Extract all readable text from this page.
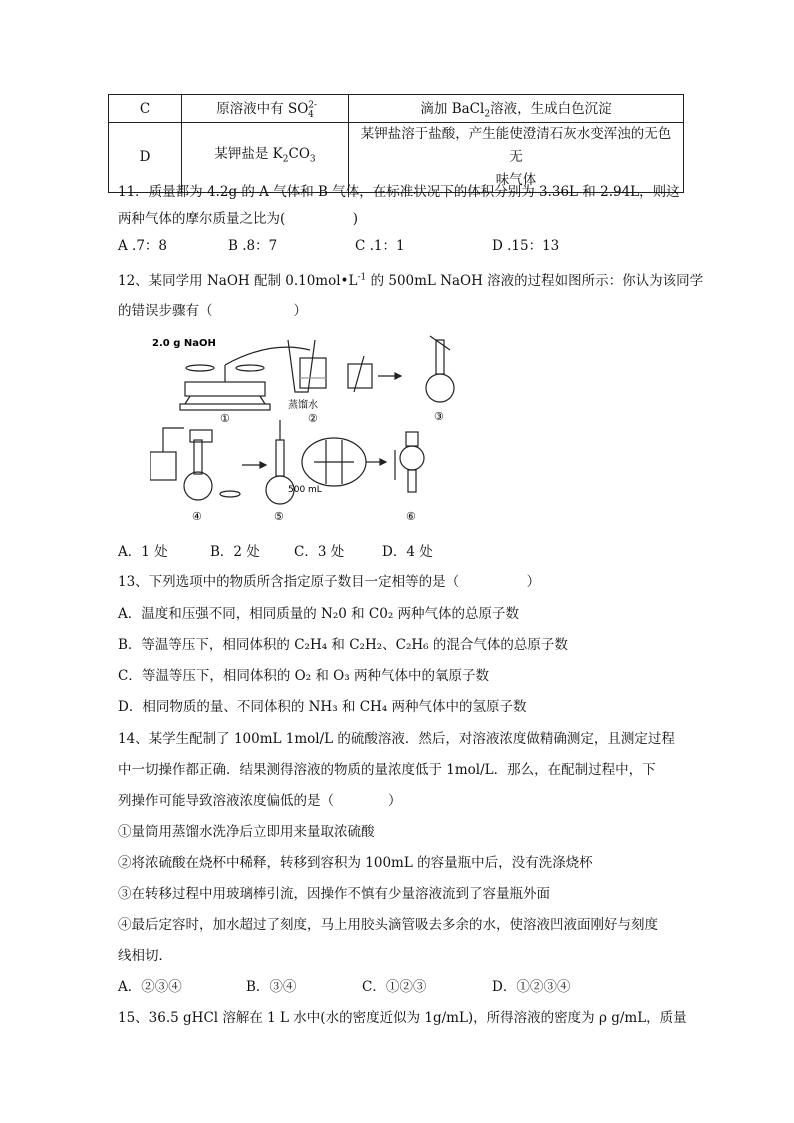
C	原溶液中有 $SO^{2-}_4$	滴加 BaCl$_2$溶液，生成白色沉淀
D	某钾盐是 $K_2CO_3$	某钾盐溶于盐酸，产生能使澄清石灰水变浑浊的无色无
味气体
11．质量都为 4.2g 的 A 气体和 B 气体，在标准状况下的体积分别为 3.36L 和 2.94L，则这
两种气体的摩尔质量之比为(　　　　　)
A .7：8	B .8：7	C .1：1	D .15：13
12、某同学用 NaOH 配制 $0.10mol•L^{-1}$ 的 500mL NaOH 溶液的过程如图所示：你认为该同学
的错误步骤有（　　　　　　）
2.0 g NaOH
蒸馏水
500 mL
①	②	③
④	⑤	⑥
A．1 处	B．2 处	C．3 处	D．4 处
13、下列选项中的物质所含指定原子数目一定相等的是（　　　　　）
A．温度和压强不同，相同质量的 N₂0 和 C0₂ 两种气体的总原子数
B．等温等压下，相同体积的 C₂H₄ 和 C₂H₂、C₂H₆ 的混合气体的总原子数
C．等温等压下，相同体积的 O₂ 和 O₃ 两种气体中的氧原子数
D．相同物质的量、不同体积的 NH₃ 和 CH₄ 两种气体中的氢原子数
14、某学生配制了 100mL 1mol/L 的硫酸溶液．然后，对溶液浓度做精确测定，且测定过程
中一切操作都正确．结果测得溶液的物质的量浓度低于 1mol/L．那么，在配制过程中，下
列操作可能导致溶液浓度偏低的是（　　　　）
①量筒用蒸馏水洗净后立即用来量取浓硫酸
②将浓硫酸在烧杯中稀释，转移到容积为 100mL 的容量瓶中后，没有洗涤烧杯
③在转移过程中用玻璃棒引流，因操作不慎有少量溶液流到了容量瓶外面
④最后定容时，加水超过了刻度，马上用胶头滴管吸去多余的水，使溶液凹液面刚好与刻度
线相切．
A．②③④	B．③④	C．①②③	D．①②③④
15、36.5 gHCl 溶解在 1 L 水中(水的密度近似为 1g/mL)，所得溶液的密度为 ρ g/mL，质量
